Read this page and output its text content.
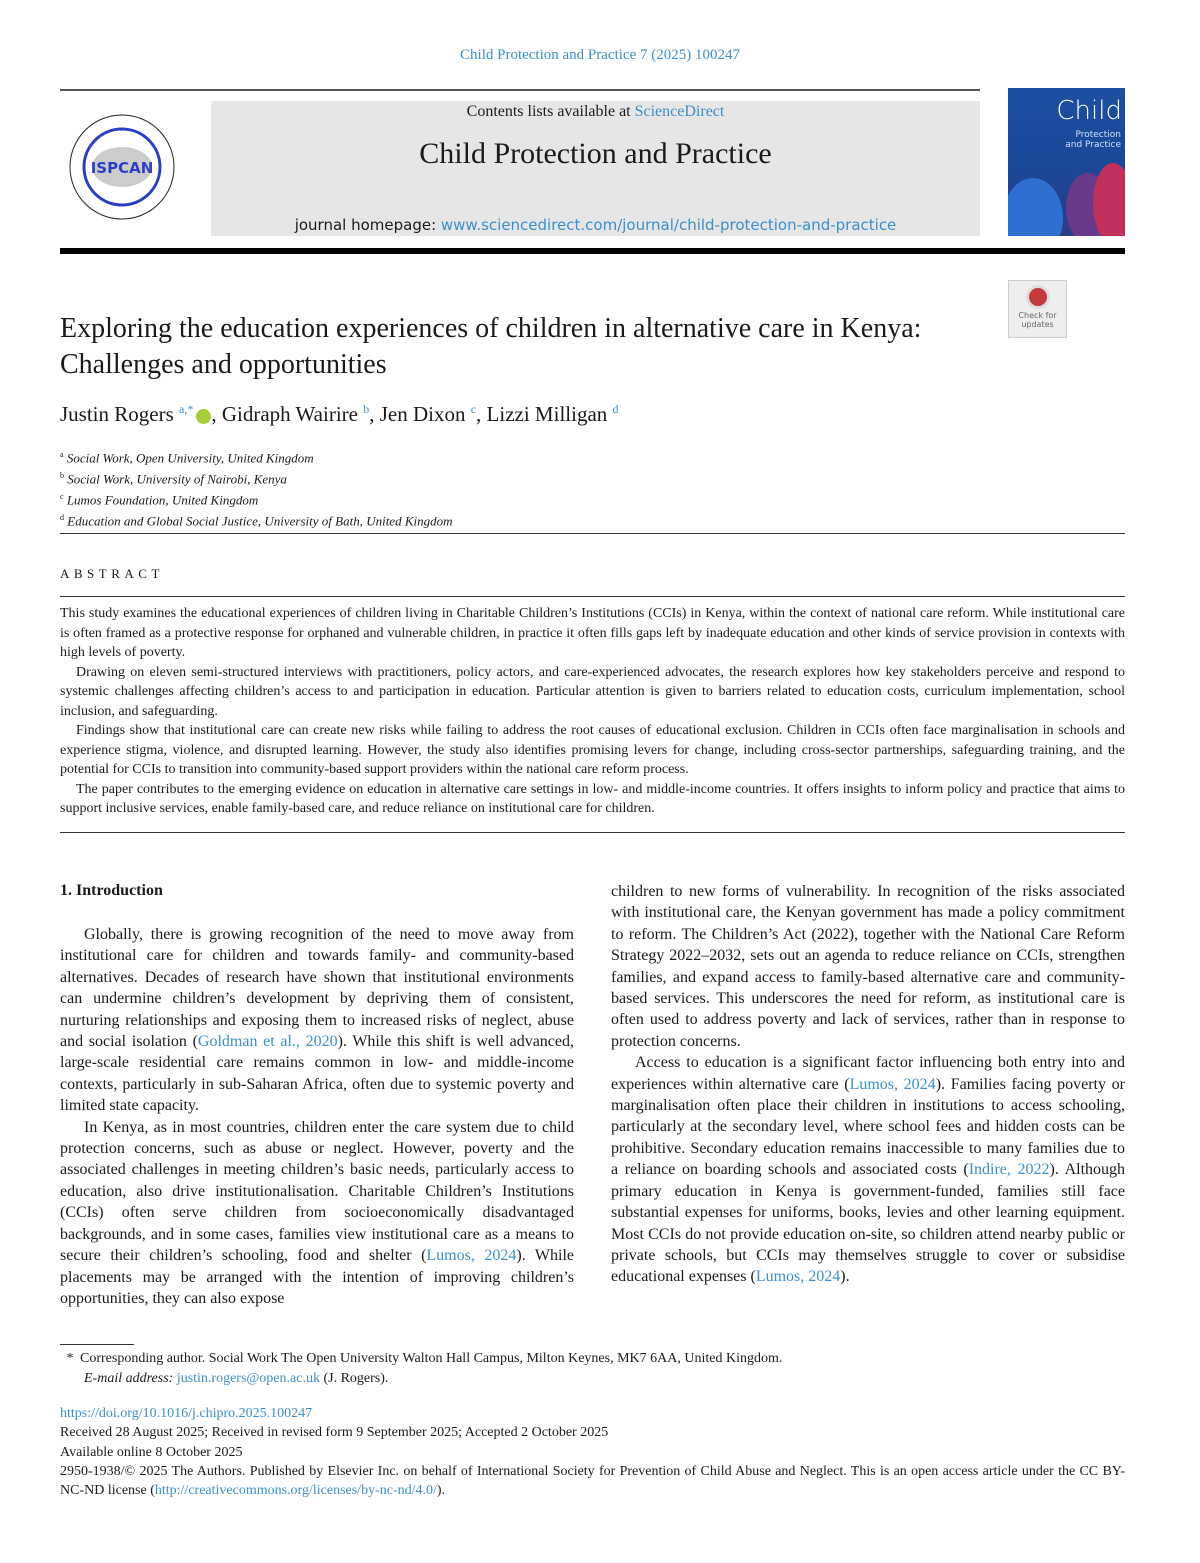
Child Protection and Practice 7 (2025) 100247
ISPCAN
Contents lists available at ScienceDirect
Child Protection and Practice
journal homepage: www.sciencedirect.com/journal/child-protection-and-practice
Child
Protection and Practice
Check for updates
Exploring the education experiences of children in alternative care in Kenya: Challenges and opportunities
Justin Rogers $^{a,*}$ , Gidraph Wairire $^b$, Jen Dixon $^c$, Lizzi Milligan $^d$
$^a$ Social Work, Open University, United Kingdom
$^b$ Social Work, University of Nairobi, Kenya
$^c$ Lumos Foundation, United Kingdom
$^d$ Education and Global Social Justice, University of Bath, United Kingdom
ABSTRACT

This study examines the educational experiences of children living in Charitable Children’s Institutions (CCIs) in Kenya, within the context of national care reform. While institutional care is often framed as a protective response for orphaned and vulnerable children, in practice it often fills gaps left by inadequate education and other kinds of service provision in contexts with high levels of poverty.

Drawing on eleven semi-structured interviews with practitioners, policy actors, and care-experienced advocates, the research explores how key stakeholders perceive and respond to systemic challenges affecting children’s access to and participation in education. Particular attention is given to barriers related to education costs, curriculum implementation, school inclusion, and safeguarding.

Findings show that institutional care can create new risks while failing to address the root causes of educational exclusion. Children in CCIs often face marginalisation in schools and experience stigma, violence, and disrupted learning. However, the study also identifies promising levers for change, including cross-sector partnerships, safeguarding training, and the potential for CCIs to transition into community-based support providers within the national care reform process.

The paper contributes to the emerging evidence on education in alternative care settings in low- and middle-income countries. It offers insights to inform policy and practice that aims to support inclusive services, enable family-based care, and reduce reliance on institutional care for children.

1. Introduction

Globally, there is growing recognition of the need to move away from institutional care for children and towards family- and community-based alternatives. Decades of research have shown that institutional environments can undermine children’s development by depriving them of consistent, nurturing relationships and exposing them to increased risks of neglect, abuse and social isolation (Goldman et al., 2020). While this shift is well advanced, large-scale residential care remains common in low- and middle-income contexts, particularly in sub-Saharan Africa, often due to systemic poverty and limited state capacity.

In Kenya, as in most countries, children enter the care system due to child protection concerns, such as abuse or neglect. However, poverty and the associated challenges in meeting children’s basic needs, particularly access to education, also drive institutionalisation. Charitable Children’s Institutions (CCIs) often serve children from socioeconomically disadvantaged backgrounds, and in some cases, families view institutional care as a means to secure their children’s schooling, food and shelter (Lumos, 2024). While placements may be arranged with the intention of improving children’s opportunities, they can also expose

children to new forms of vulnerability. In recognition of the risks associated with institutional care, the Kenyan government has made a policy commitment to reform. The Children’s Act (2022), together with the National Care Reform Strategy 2022–2032, sets out an agenda to reduce reliance on CCIs, strengthen families, and expand access to family-based alternative care and community-based services. This underscores the need for reform, as institutional care is often used to address poverty and lack of services, rather than in response to protection concerns.

Access to education is a significant factor influencing both entry into and experiences within alternative care (Lumos, 2024). Families facing poverty or marginalisation often place their children in institutions to access schooling, particularly at the secondary level, where school fees and hidden costs can be prohibitive. Secondary education remains inaccessible to many families due to a reliance on boarding schools and associated costs (Indire, 2022). Although primary education in Kenya is government-funded, families still face substantial expenses for uniforms, books, levies and other learning equipment. Most CCIs do not provide education on-site, so children attend nearby public or private schools, but CCIs may themselves struggle to cover or subsidise educational expenses (Lumos, 2024).

* Corresponding author. Social Work The Open University Walton Hall Campus, Milton Keynes, MK7 6AA, United Kingdom.
E-mail address: justin.rogers@open.ac.uk (J. Rogers).
https://doi.org/10.1016/j.chipro.2025.100247
Received 28 August 2025; Received in revised form 9 September 2025; Accepted 2 October 2025
Available online 8 October 2025
2950-1938/© 2025 The Authors. Published by Elsevier Inc. on behalf of International Society for Prevention of Child Abuse and Neglect. This is an open access article under the CC BY-NC-ND license (http://creativecommons.org/licenses/by-nc-nd/4.0/).
